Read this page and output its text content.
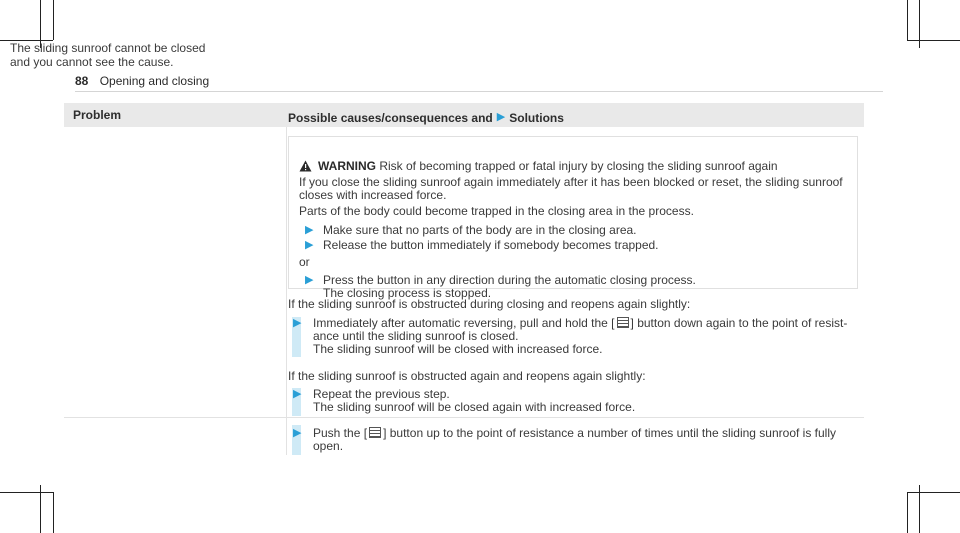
88 Opening and closing
Problem	Possible causes/consequences and ▶ Solutions
The sliding sunroof cannot be closed
and you cannot see the cause.
WARNING Risk of becoming trapped or fatal injury by closing the sliding sunroof again
If you close the sliding sunroof again immediately after it has been blocked or reset, the sliding sunroof
closes with increased force.
Parts of the body could become trapped in the closing area in the process.
▶ Make sure that no parts of the body are in the closing area.
▶ Release the button immediately if somebody becomes trapped.
or
▶ Press the button in any direction during the automatic closing process.
The closing process is stopped.
If the sliding sunroof is obstructed during closing and reopens again slightly:
▶ Immediately after automatic reversing, pull and hold the [ ] button down again to the point of resist-
ance until the sliding sunroof is closed.
The sliding sunroof will be closed with increased force.
If the sliding sunroof is obstructed again and reopens again slightly:
▶ Repeat the previous step.
The sliding sunroof will be closed again with increased force.
▶ Push the [ ] button up to the point of resistance a number of times until the sliding sunroof is fully
open.
